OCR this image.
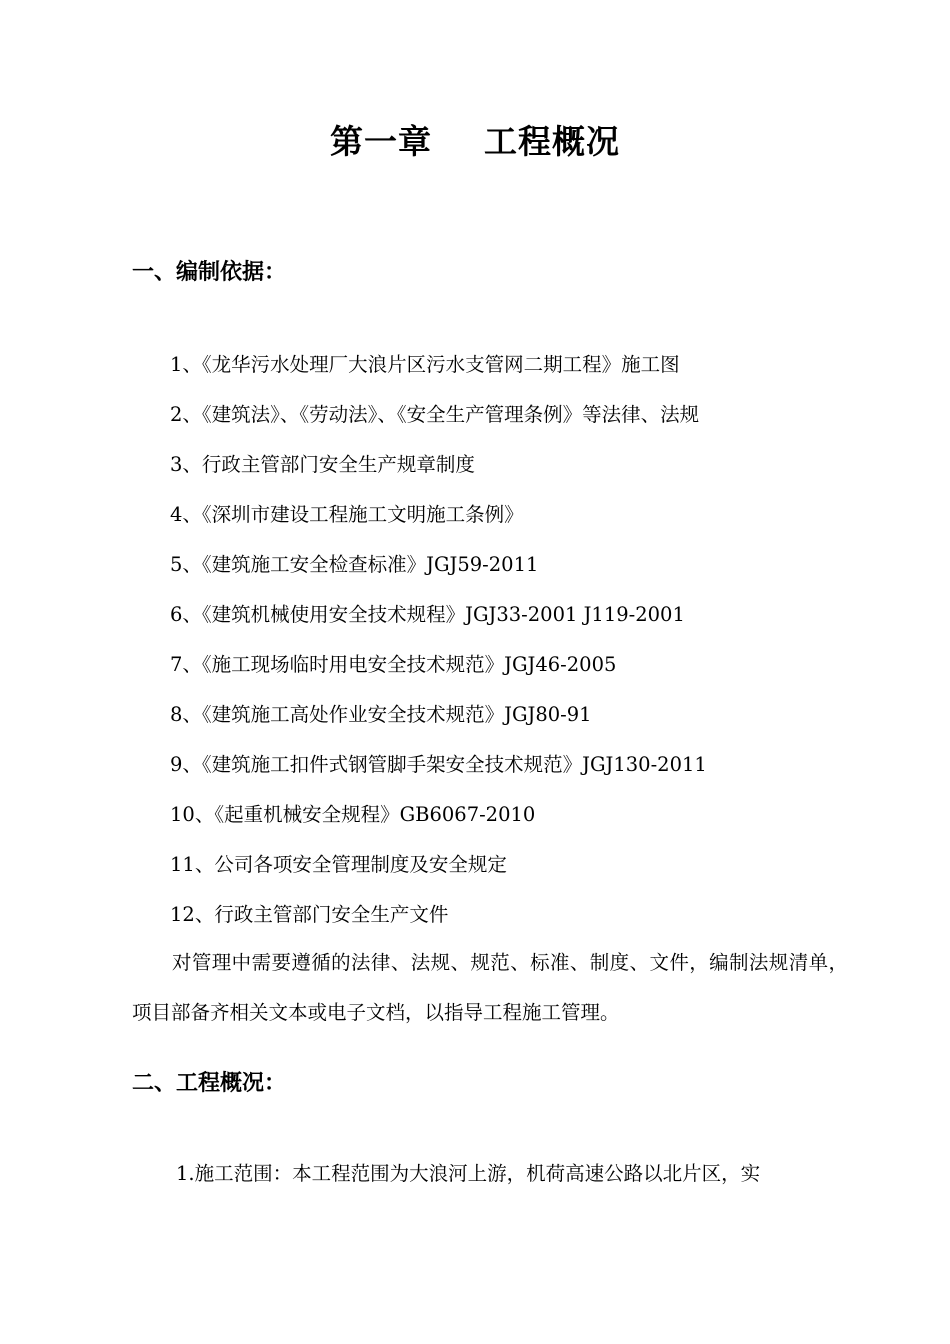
第一章 工程概况
一、编制依据：
1、《龙华污水处理厂大浪片区污水支管网二期工程》施工图
2、《建筑法》、《劳动法》、《安全生产管理条例》等法律、法规
3、行政主管部门安全生产规章制度
4、《深圳市建设工程施工文明施工条例》
5、《建筑施工安全检查标准》JGJ59-2011
6、《建筑机械使用安全技术规程》JGJ33-2001 J119-2001
7、《施工现场临时用电安全技术规范》JGJ46-2005
8、《建筑施工高处作业安全技术规范》JGJ80-91
9、《建筑施工扣件式钢管脚手架安全技术规范》JGJ130-2011
10、《起重机械安全规程》GB6067-2010
11、公司各项安全管理制度及安全规定
12、行政主管部门安全生产文件
对管理中需要遵循的法律、法规、规范、标准、制度、文件，编制法规清单，项目部备齐相关文本或电子文档，以指导工程施工管理。
二、工程概况：
1.施工范围：本工程范围为大浪河上游，机荷高速公路以北片区，实
